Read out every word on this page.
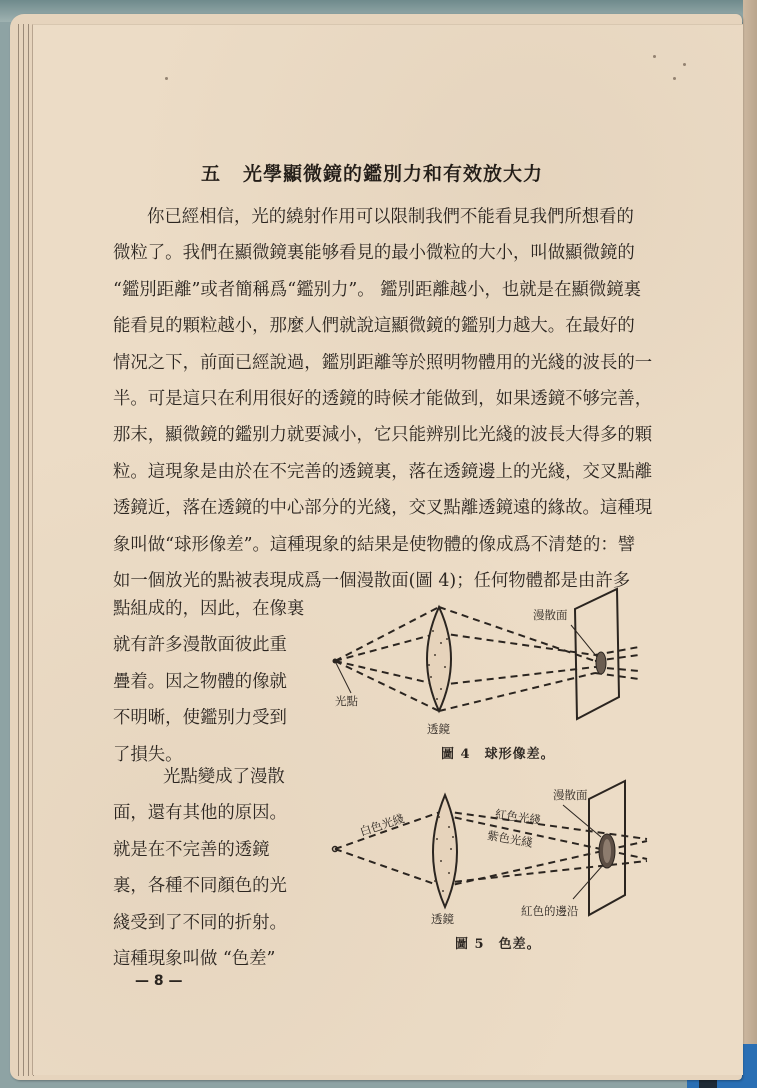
五 光學顯微鏡的鑑別力和有效放大力
你已經相信，光的繞射作用可以限制我們不能看見我們所想看的
微粒了。我們在顯微鏡裏能够看見的最小微粒的大小，叫做顯微鏡的
“鑑別距離”或者簡稱爲“鑑别力”。 鑑別距離越小，也就是在顯微鏡裏
能看見的顆粒越小，那麼人們就說這顯微鏡的鑑别力越大。在最好的
情况之下，前面已經說過，鑑別距離等於照明物體用的光綫的波長的一
半。可是這只在利用很好的透鏡的時候才能做到，如果透鏡不够完善，
那末，顯微鏡的鑑别力就要減小，它只能辨别比光綫的波長大得多的顆
粒。這現象是由於在不完善的透鏡裏，落在透鏡邊上的光綫，交叉點離
透鏡近，落在透鏡的中心部分的光綫，交叉點離透鏡遠的緣故。這種現
象叫做“球形像差”。這種現象的結果是使物體的像成爲不清楚的：譬
如一個放光的點被表現成爲一個漫散面(圖 4)；任何物體都是由許多
點組成的，因此，在像裏
就有許多漫散面彼此重
疊着。因之物體的像就
不明晰，使鑑别力受到
了損失。
光點變成了漫散
面，還有其他的原因。
就是在不完善的透鏡
裏，各種不同顏色的光
綫受到了不同的折射。
這種現象叫做 “色差”
光點
透鏡
漫散面
圖 4　球形像差。
白色光綫	紅色光綫
紫色光綫
漫散面
紅色的邊沿
透鏡
圖 5　色差。
— 8 —
